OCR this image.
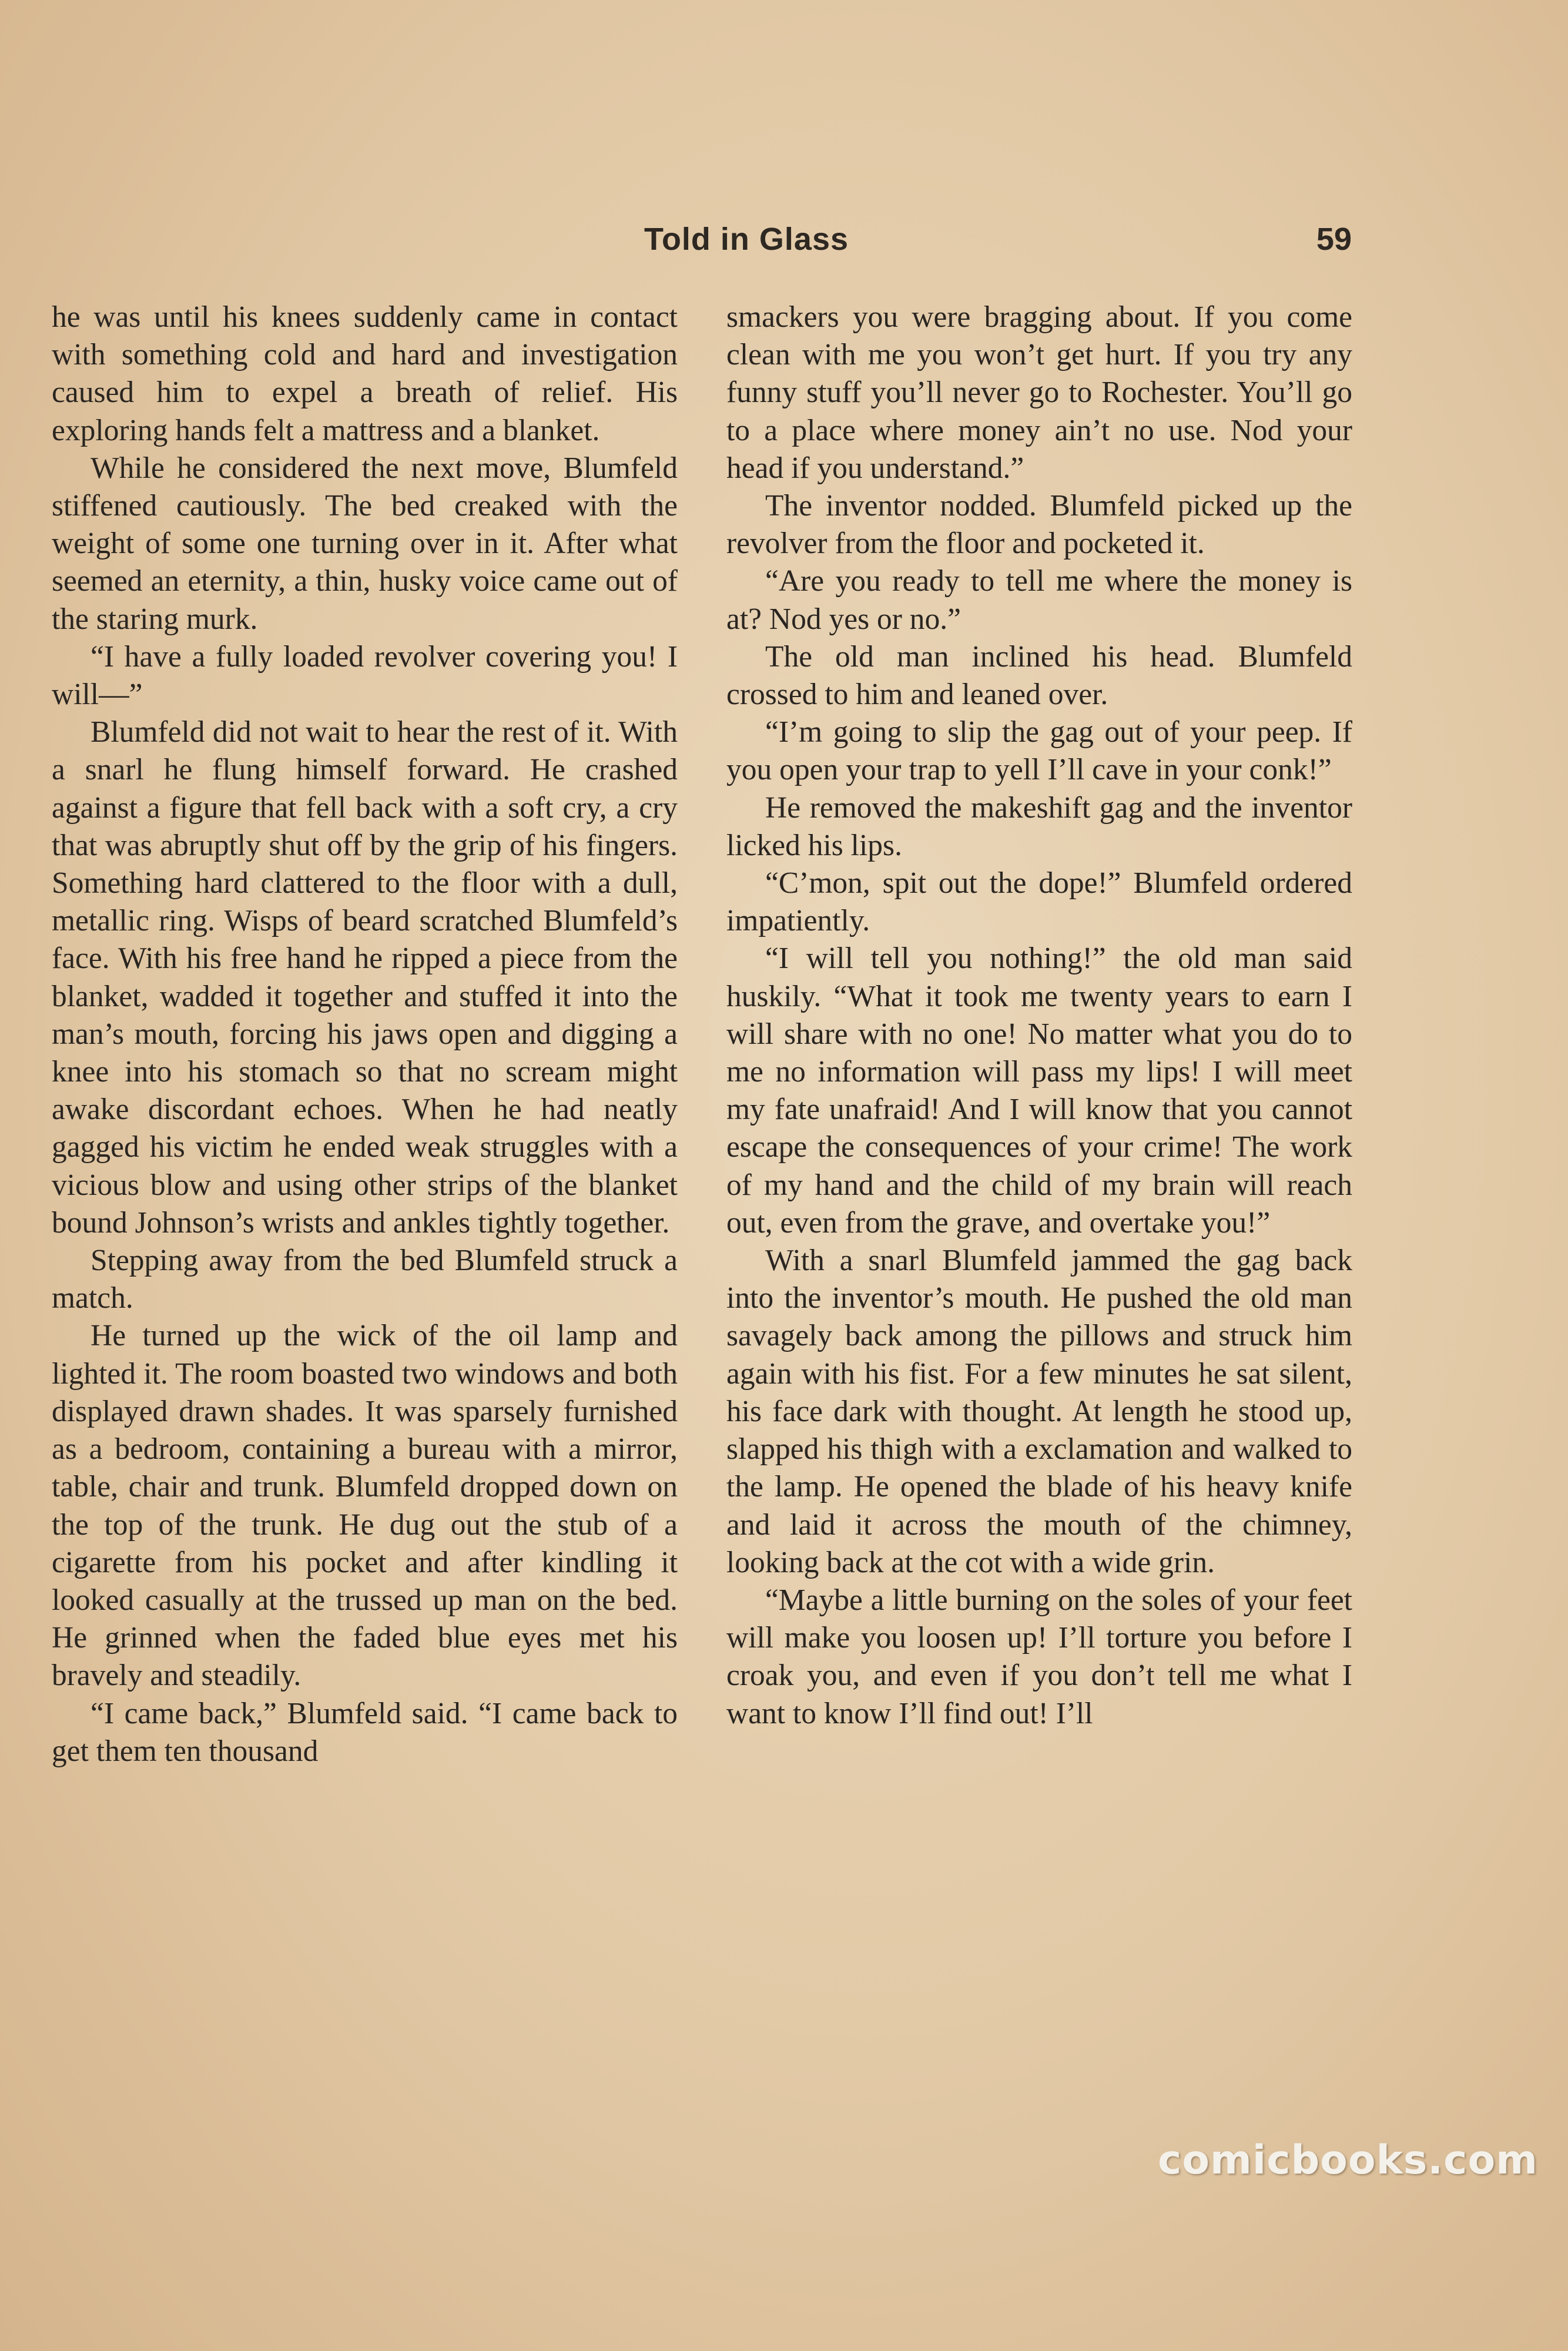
Told in Glass	59

he was until his knees suddenly came in contact with something cold and hard and investigation caused him to expel a breath of relief. His exploring hands felt a mattress and a blanket.

While he considered the next move, Blumfeld stiffened cautiously. The bed creaked with the weight of some one turning over in it. After what seemed an eternity, a thin, husky voice came out of the staring murk.

“I have a fully loaded revolver covering you! I will—”

Blumfeld did not wait to hear the rest of it. With a snarl he flung himself forward. He crashed against a figure that fell back with a soft cry, a cry that was abruptly shut off by the grip of his fingers. Something hard clattered to the floor with a dull, metallic ring. Wisps of beard scratched Blumfeld’s face. With his free hand he ripped a piece from the blanket, wadded it together and stuffed it into the man’s mouth, forcing his jaws open and digging a knee into his stomach so that no scream might awake discordant echoes. When he had neatly gagged his victim he ended weak struggles with a vicious blow and using other strips of the blanket bound Johnson’s wrists and ankles tightly together.

Stepping away from the bed Blumfeld struck a match.

He turned up the wick of the oil lamp and lighted it. The room boasted two windows and both displayed drawn shades. It was sparsely furnished as a bedroom, containing a bureau with a mirror, table, chair and trunk. Blumfeld dropped down on the top of the trunk. He dug out the stub of a cigarette from his pocket and after kindling it looked casually at the trussed up man on the bed. He grinned when the faded blue eyes met his bravely and steadily.

“I came back,” Blumfeld said. “I came back to get them ten thousand

smackers you were bragging about. If you come clean with me you won’t get hurt. If you try any funny stuff you’ll never go to Rochester. You’ll go to a place where money ain’t no use. Nod your head if you understand.”

The inventor nodded. Blumfeld picked up the revolver from the floor and pocketed it.

“Are you ready to tell me where the money is at? Nod yes or no.”

The old man inclined his head. Blumfeld crossed to him and leaned over.

“I’m going to slip the gag out of your peep. If you open your trap to yell I’ll cave in your conk!”

He removed the makeshift gag and the inventor licked his lips.

“C’mon, spit out the dope!” Blumfeld ordered impatiently.

“I will tell you nothing!” the old man said huskily. “What it took me twenty years to earn I will share with no one! No matter what you do to me no information will pass my lips! I will meet my fate unafraid! And I will know that you cannot escape the consequences of your crime! The work of my hand and the child of my brain will reach out, even from the grave, and overtake you!”

With a snarl Blumfeld jammed the gag back into the inventor’s mouth. He pushed the old man savagely back among the pillows and struck him again with his fist. For a few minutes he sat silent, his face dark with thought. At length he stood up, slapped his thigh with a exclamation and walked to the lamp. He opened the blade of his heavy knife and laid it across the mouth of the chimney, looking back at the cot with a wide grin.

“Maybe a little burning on the soles of your feet will make you loosen up! I’ll torture you before I croak you, and even if you don’t tell me what I want to know I’ll find out! I’ll

comicbooks.com
